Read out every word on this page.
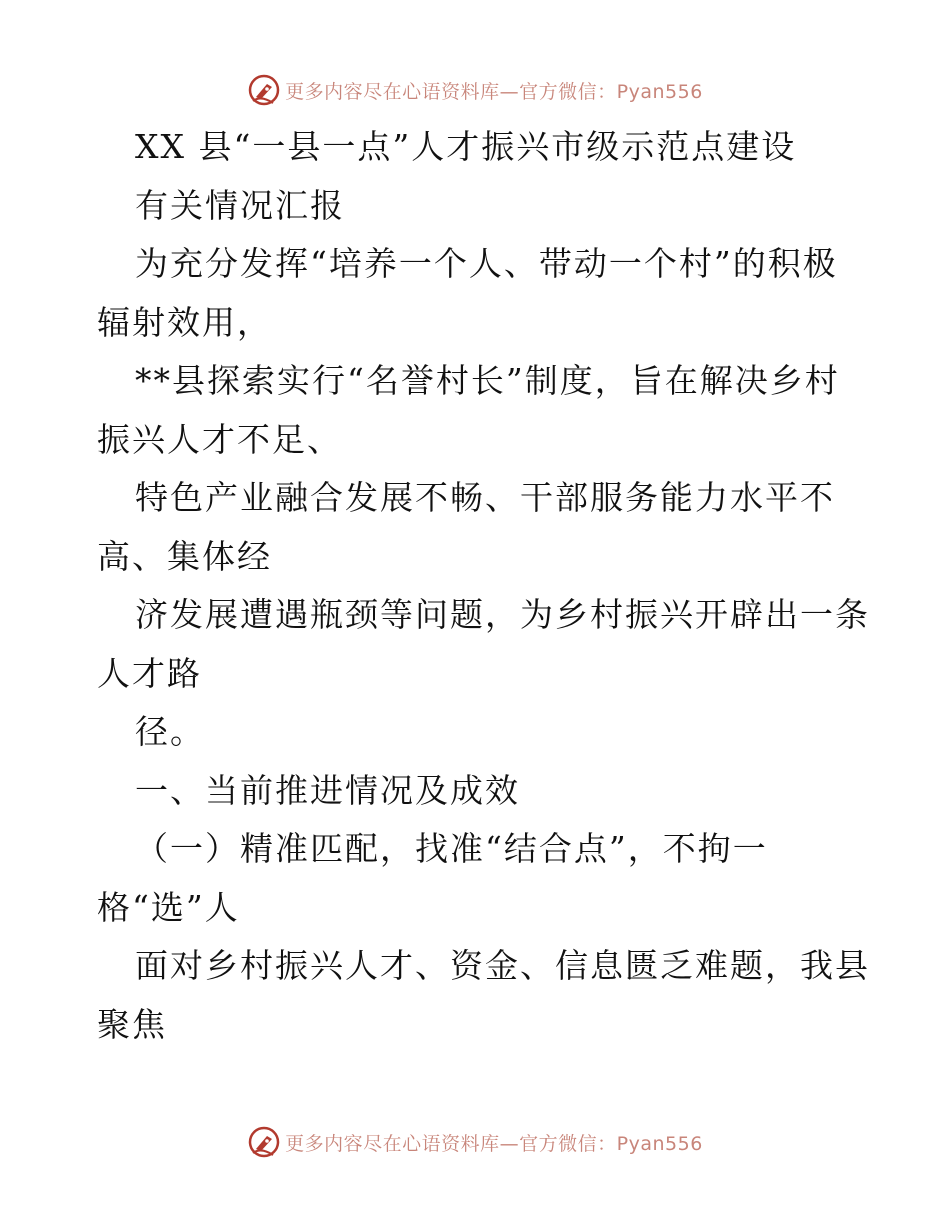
更多内容尽在心语资料库—官方微信：Pyan556
XX 县“一县一点”人才振兴市级示范点建设
有关情况汇报
为充分发挥“培养一个人、带动一个村”的积极
辐射效用，
**县探索实行“名誉村长”制度，旨在解决乡村
振兴人才不足、
特色产业融合发展不畅、干部服务能力水平不
高、集体经
济发展遭遇瓶颈等问题，为乡村振兴开辟出一条
人才路
径。
一、当前推进情况及成效
（一）精准匹配，找准“结合点”，不拘一
格“选”人
面对乡村振兴人才、资金、信息匮乏难题，我县
聚焦
更多内容尽在心语资料库—官方微信：Pyan556
